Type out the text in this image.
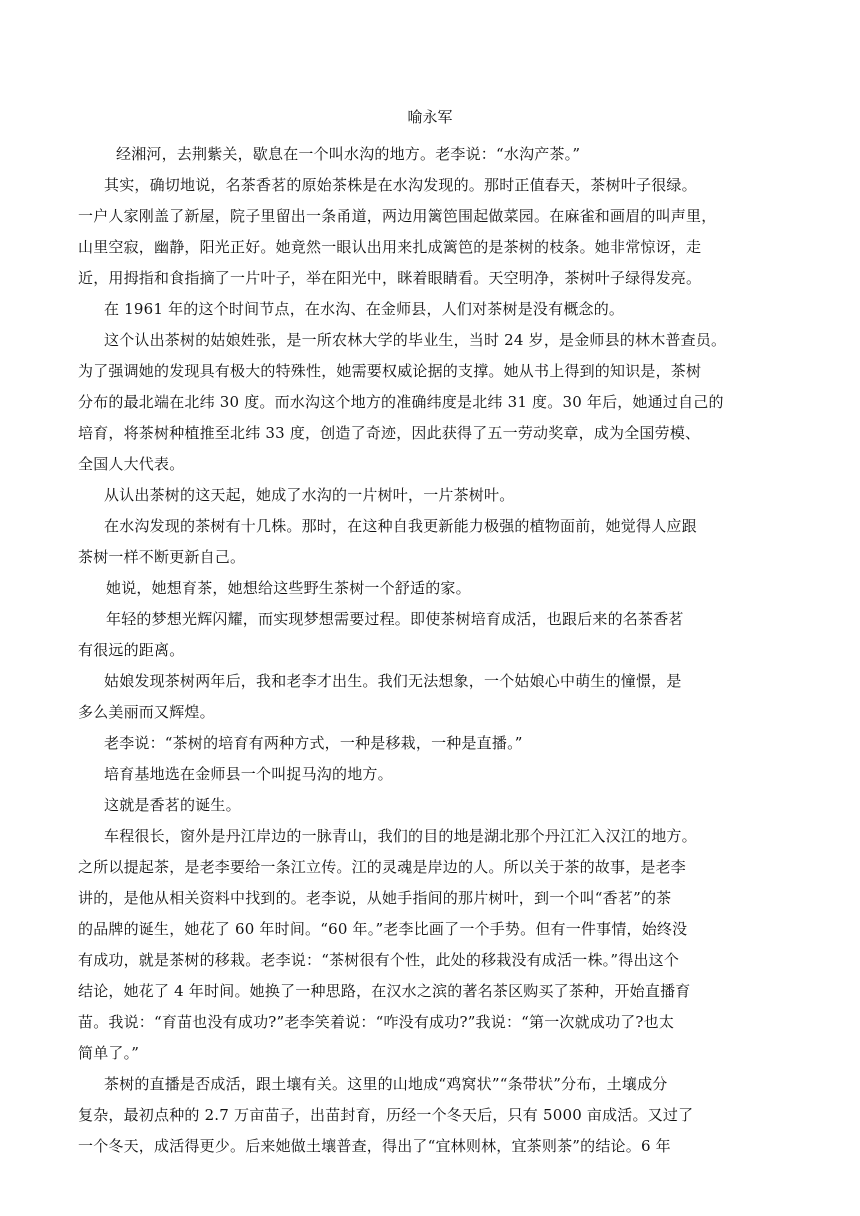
喻永军
经湘河，去荆紫关，歇息在一个叫水沟的地方。老李说：“水沟产茶。”
其实，确切地说，名茶香茗的原始茶株是在水沟发现的。那时正值春天，茶树叶子很绿。
一户人家刚盖了新屋，院子里留出一条甬道，两边用篱笆围起做菜园。在麻雀和画眉的叫声里，
山里空寂，幽静，阳光正好。她竟然一眼认出用来扎成篱笆的是茶树的枝条。她非常惊讶，走
近，用拇指和食指摘了一片叶子，举在阳光中，眯着眼睛看。天空明净，茶树叶子绿得发亮。
在 1961 年的这个时间节点，在水沟、在金师县，人们对茶树是没有概念的。
这个认出茶树的姑娘姓张，是一所农林大学的毕业生，当时 24 岁，是金师县的林木普查员。
为了强调她的发现具有极大的特殊性，她需要权威论据的支撑。她从书上得到的知识是，茶树
分布的最北端在北纬 30 度。而水沟这个地方的准确纬度是北纬 31 度。30 年后，她通过自己的
培育，将茶树种植推至北纬 33 度，创造了奇迹，因此获得了五一劳动奖章，成为全国劳模、
全国人大代表。
从认出茶树的这天起，她成了水沟的一片树叶，一片茶树叶。
在水沟发现的茶树有十几株。那时，在这种自我更新能力极强的植物面前，她觉得人应跟
茶树一样不断更新自己。
她说，她想育茶，她想给这些野生茶树一个舒适的家。
年轻的梦想光辉闪耀，而实现梦想需要过程。即使茶树培育成活，也跟后来的名茶香茗
有很远的距离。
姑娘发现茶树两年后，我和老李才出生。我们无法想象，一个姑娘心中萌生的憧憬，是
多么美丽而又辉煌。
老李说：“茶树的培育有两种方式，一种是移栽，一种是直播。”
培育基地选在金师县一个叫捉马沟的地方。
这就是香茗的诞生。
车程很长，窗外是丹江岸边的一脉青山，我们的目的地是湖北那个丹江汇入汉江的地方。
之所以提起茶，是老李要给一条江立传。江的灵魂是岸边的人。所以关于茶的故事，是老李
讲的，是他从相关资料中找到的。老李说，从她手指间的那片树叶，到一个叫“香茗”的茶
的品牌的诞生，她花了 60 年时间。“60 年。”老李比画了一个手势。但有一件事情，始终没
有成功，就是茶树的移栽。老李说：“茶树很有个性，此处的移栽没有成活一株。”得出这个
结论，她花了 4 年时间。她换了一种思路，在汉水之滨的著名茶区购买了茶种，开始直播育
苗。我说：“育苗也没有成功?”老李笑着说：“咋没有成功?”我说：“第一次就成功了?也太
简单了。”
茶树的直播是否成活，跟土壤有关。这里的山地成“鸡窝状”“条带状”分布，土壤成分
复杂，最初点种的 2.7 万亩苗子，出苗封育，历经一个冬天后，只有 5000 亩成活。又过了
一个冬天，成活得更少。后来她做土壤普查，得出了“宜林则林，宜茶则茶”的结论。6 年
